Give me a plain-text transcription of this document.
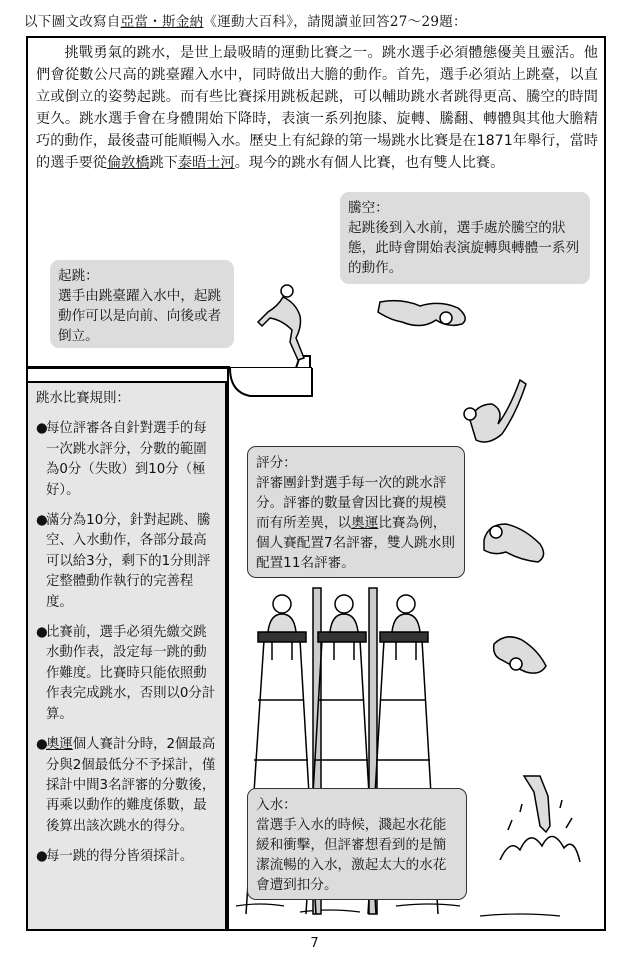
以下圖文改寫自亞當・斯金納《運動大百科》，請閱讀並回答27～29題：
挑戰勇氣的跳水，是世上最吸睛的運動比賽之一。跳水選手必須體態優美且靈活。他們會從數公尺高的跳臺躍入水中，同時做出大膽的動作。首先，選手必須站上跳臺，以直立或倒立的姿勢起跳。而有些比賽採用跳板起跳，可以輔助跳水者跳得更高、騰空的時間更久。跳水選手會在身體開始下降時，表演一系列抱膝、旋轉、騰翻、轉體與其他大膽精巧的動作，最後盡可能順暢入水。歷史上有紀錄的第一場跳水比賽是在1871年舉行，當時的選手要從倫敦橋跳下泰晤士河。現今的跳水有個人比賽，也有雙人比賽。
騰空：
起跳後到入水前，選手處於騰空的狀態，此時會開始表演旋轉與轉體一系列的動作。
起跳：
選手由跳臺躍入水中，起跳動作可以是向前、向後或者倒立。
評分：
評審團針對選手每一次的跳水評分。評審的數量會因比賽的規模而有所差異，以奧運比賽為例，個人賽配置7名評審，雙人跳水則配置11名評審。
入水：
當選手入水的時候，濺起水花能緩和衝擊，但評審想看到的是簡潔流暢的入水，激起太大的水花會遭到扣分。
跳水比賽規則：
●
每位評審各自針對選手的每一次跳水評分，分數的範圍為0分（失敗）到10分（極好）。
●
滿分為10分，針對起跳、騰空、入水動作，各部分最高可以給3分，剩下的1分則評定整體動作執行的完善程度。
●
比賽前，選手必須先繳交跳水動作表，設定每一跳的動作難度。比賽時只能依照動作表完成跳水，否則以0分計算。
●
奧運個人賽計分時，2個最高分與2個最低分不予採計，僅採計中間3名評審的分數後，再乘以動作的難度係數，最後算出該次跳水的得分。
●
每一跳的得分皆須採計。
7
